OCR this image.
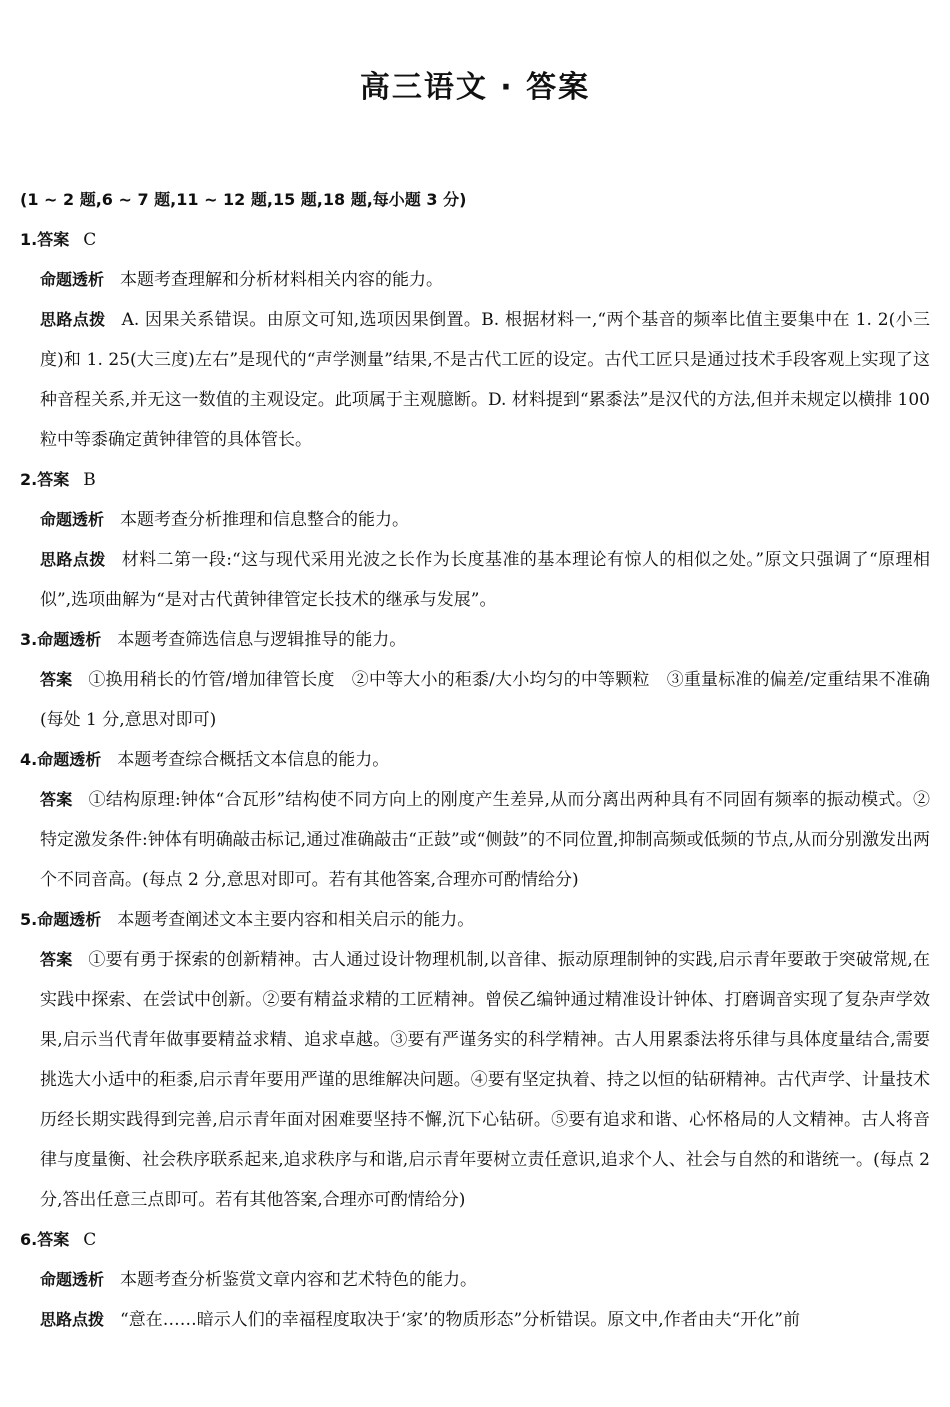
高三语文 · 答案
(1 ~ 2 题,6 ~ 7 题,11 ~ 12 题,15 题,18 题,每小题 3 分)
1.答案 C
命题透析 本题考查理解和分析材料相关内容的能力。
思路点拨 A. 因果关系错误。由原文可知,选项因果倒置。B. 根据材料一,“两个基音的频率比值主要集中在 1. 2(小三度)和 1. 25(大三度)左右”是现代的“声学测量”结果,不是古代工匠的设定。古代工匠只是通过技术手段客观上实现了这种音程关系,并无这一数值的主观设定。此项属于主观臆断。D. 材料提到“累黍法”是汉代的方法,但并未规定以横排 100 粒中等黍确定黄钟律管的具体管长。
2.答案 B
命题透析 本题考查分析推理和信息整合的能力。
思路点拨 材料二第一段:“这与现代采用光波之长作为长度基准的基本理论有惊人的相似之处。”原文只强调了“原理相似”,选项曲解为“是对古代黄钟律管定长技术的继承与发展”。
3.命题透析 本题考查筛选信息与逻辑推导的能力。
答案 ①换用稍长的竹管/增加律管长度　②中等大小的秬黍/大小均匀的中等颗粒　③重量标准的偏差/定重结果不准确　(每处 1 分,意思对即可)
4.命题透析 本题考查综合概括文本信息的能力。
答案 ①结构原理:钟体“合瓦形”结构使不同方向上的刚度产生差异,从而分离出两种具有不同固有频率的振动模式。②特定激发条件:钟体有明确敲击标记,通过准确敲击“正鼓”或“侧鼓”的不同位置,抑制高频或低频的节点,从而分别激发出两个不同音高。(每点 2 分,意思对即可。若有其他答案,合理亦可酌情给分)
5.命题透析 本题考查阐述文本主要内容和相关启示的能力。
答案 ①要有勇于探索的创新精神。古人通过设计物理机制,以音律、振动原理制钟的实践,启示青年要敢于突破常规,在实践中探索、在尝试中创新。②要有精益求精的工匠精神。曾侯乙编钟通过精准设计钟体、打磨调音实现了复杂声学效果,启示当代青年做事要精益求精、追求卓越。③要有严谨务实的科学精神。古人用累黍法将乐律与具体度量结合,需要挑选大小适中的秬黍,启示青年要用严谨的思维解决问题。④要有坚定执着、持之以恒的钻研精神。古代声学、计量技术历经长期实践得到完善,启示青年面对困难要坚持不懈,沉下心钻研。⑤要有追求和谐、心怀格局的人文精神。古人将音律与度量衡、社会秩序联系起来,追求秩序与和谐,启示青年要树立责任意识,追求个人、社会与自然的和谐统一。(每点 2 分,答出任意三点即可。若有其他答案,合理亦可酌情给分)
6.答案 C
命题透析 本题考查分析鉴赏文章内容和艺术特色的能力。
思路点拨 “意在……暗示人们的幸福程度取决于‘家’的物质形态”分析错误。原文中,作者由夫“开化”前
